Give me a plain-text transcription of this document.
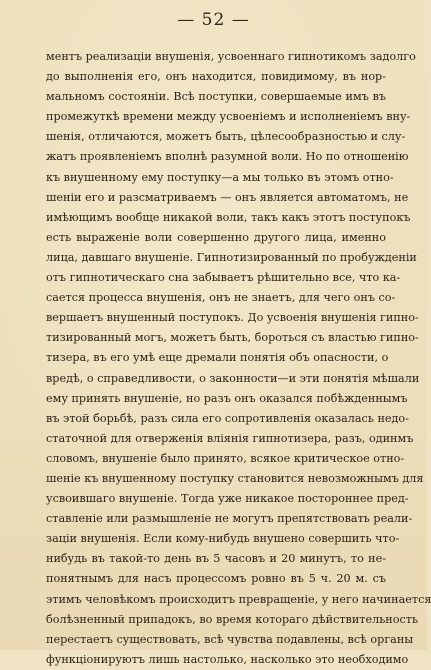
— 52 —
ментъ реализаціи внушенія, усвоеннаго гипнотикомъ задолго
до выполненія его, онъ находится, повидимому, въ нор-
мальномъ состояніи. Всѣ поступки, совершаемые имъ въ
промежуткѣ времени между усвоеніемъ и исполненіемъ вну-
шенія, отличаются, можетъ быть, цѣлесообразностью и слу-
жатъ проявленіемъ вполнѣ разумной воли. Но по отношенію
къ внушенному ему поступку—а мы только въ этомъ отно-
шеніи его и разсматриваемъ — онъ является автоматомъ, не
имѣющимъ вообще никакой воли, такъ какъ этотъ поступокъ
есть выраженіе воли совершенно другого лица, именно
лица, давшаго внушеніе. Гипнотизированный по пробужденіи
отъ гипнотическаго сна забываетъ рѣшительно все, что ка-
сается процесса внушенія, онъ не знаетъ, для чего онъ со-
вершаетъ внушенный поступокъ. До усвоенія внушенія гипно-
тизированный могъ, можетъ быть, бороться съ властью гипно-
тизера, въ его умѣ еще дремали понятія объ опасности, о
вредѣ, о справедливости, о законности—и эти понятія мѣшали
ему принять внушеніе, но разъ онъ оказался побѣжденнымъ
въ этой борьбѣ, разъ сила его сопротивленія оказалась недо-
статочной для отверженія вліянія гипнотизера, разъ, одинмъ
словомъ, внушеніе было принято, всякое критическое отно-
шеніе къ внушенному поступку становится невозможнымъ для
усвоившаго внушеніе. Тогда уже никакое постороннее пред-
ставленіе или размышленіе не могутъ препятствовать реали-
заціи внушенія. Если кому-нибудь внушено совершить что-
нибудь въ такой-то день въ 5 часовъ и 20 минутъ, то не-
понятнымъ для насъ процессомъ ровно въ 5 ч. 20 м. съ
этимъ человѣкомъ происходитъ превращеніе, у него начинается
болѣзненный припадокъ, во время котораго дѣйствительность
перестаетъ существовать, всѣ чувства подавлены, всѣ органы
функціонируютъ лишь настолько, насколько это необходимо
